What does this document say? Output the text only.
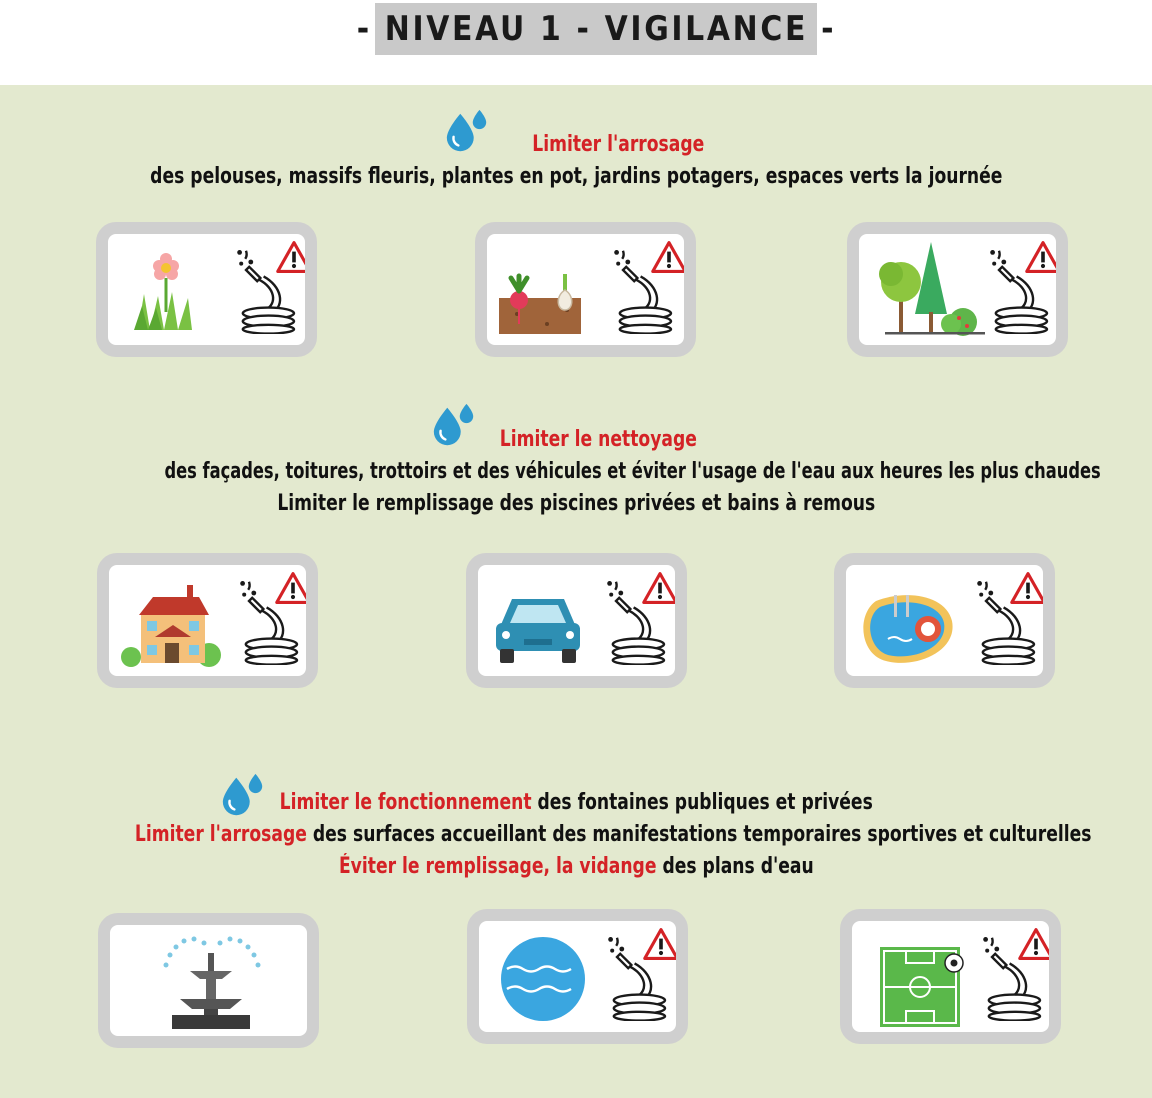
- NIVEAU 1 - VIGILANCE -
Limiter l'arrosage
des pelouses, massifs fleuris, plantes en pot, jardins potagers, espaces verts la journée
Limiter le nettoyage
des façades, toitures, trottoirs et des véhicules et éviter l'usage de l'eau aux heures les plus chaudes
Limiter le remplissage des piscines privées et bains à remous
Limiter le fonctionnement des fontaines publiques et privées
Limiter l'arrosage des surfaces accueillant des manifestations temporaires sportives et culturelles
Éviter le remplissage, la vidange des plans d'eau
